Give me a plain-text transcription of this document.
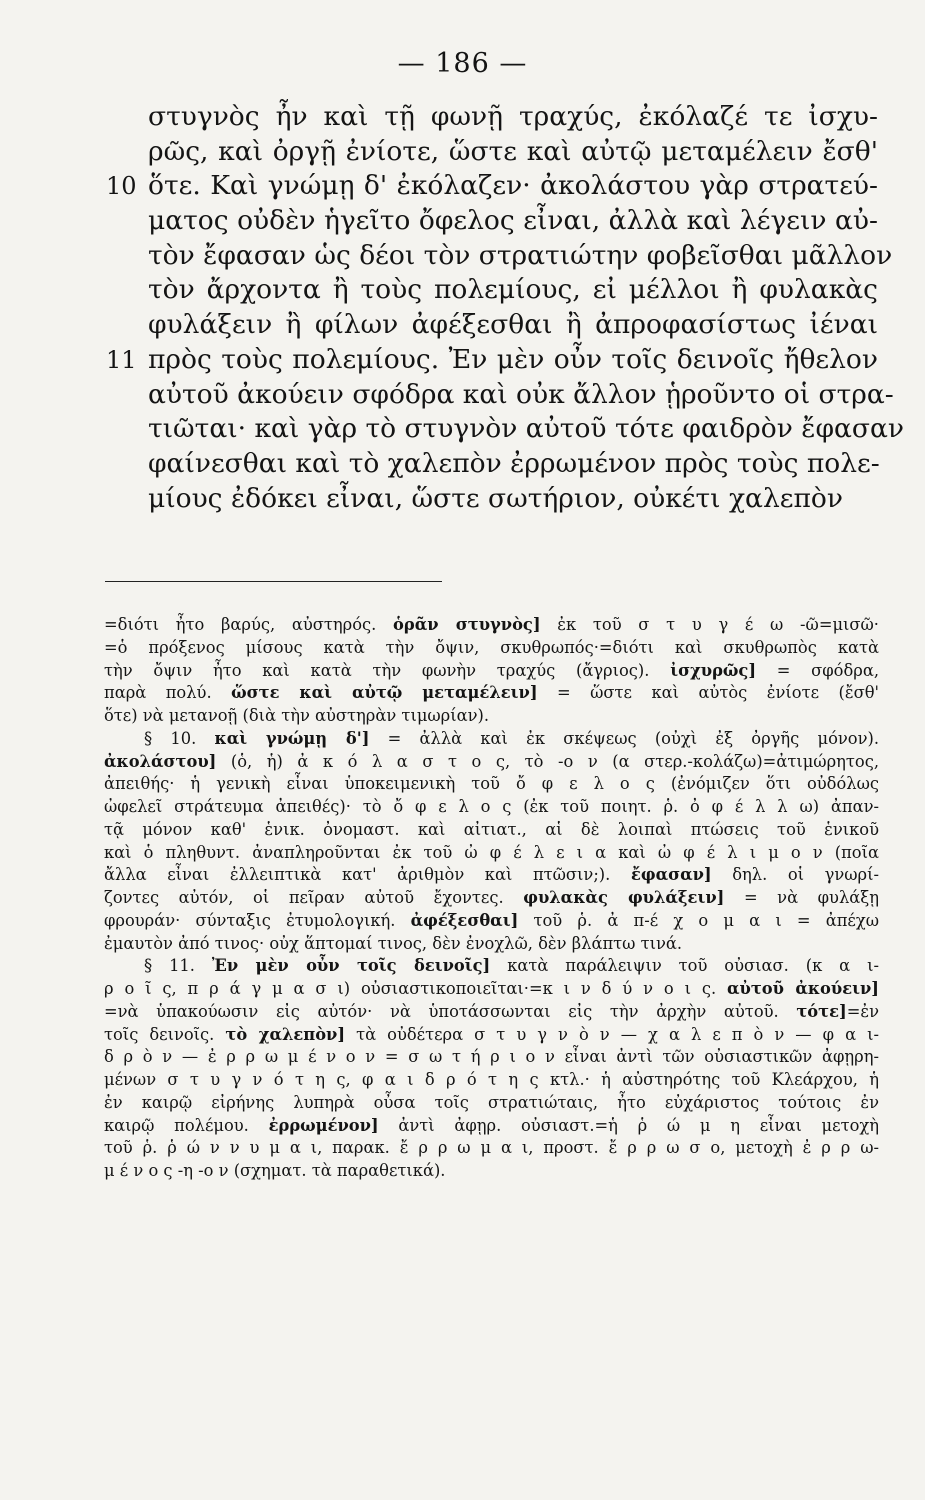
— 186 —
στυγνὸς ἦν καὶ τῇ φωνῇ τραχύς, ἐκόλαζέ τε ἰσχυ-
ρῶς, καὶ ὀργῇ ἐνίοτε, ὥστε καὶ αὐτῷ μεταμέλειν ἔσθ'
10 ὅτε. Καὶ γνώμῃ δ' ἐκόλαζεν· ἀκολάστου γὰρ στρατεύ-
ματος οὐδὲν ἡγεῖτο ὄφελος εἶναι, ἀλλὰ καὶ λέγειν αὐ-
τὸν ἔφασαν ὡς δέοι τὸν στρατιώτην φοβεῖσθαι μᾶλλον
τὸν ἄρχοντα ἢ τοὺς πολεμίους, εἰ μέλλοι ἢ φυλακὰς
φυλάξειν ἢ φίλων ἀφέξεσθαι ἢ ἀπροφασίστως ἰέναι
11 πρὸς τοὺς πολεμίους. Ἐν μὲν οὖν τοῖς δεινοῖς ἤθελον
αὐτοῦ ἀκούειν σφόδρα καὶ οὐκ ἄλλον ᾑροῦντο οἱ στρα-
τιῶται· καὶ γὰρ τὸ στυγνὸν αὐτοῦ τότε φαιδρὸν ἔφασαν
φαίνεσθαι καὶ τὸ χαλεπὸν ἐρρωμένον πρὸς τοὺς πολε-
μίους ἐδόκει εἶναι, ὥστε σωτήριον, οὐκέτι χαλεπὸν
=διότι ἦτο βαρύς, αὐστηρός. ὁρᾶν στυγνὸς] ἐκ τοῦ σ τ υ γ έ ω -ῶ=μισῶ·
=ὁ πρόξενος μίσους κατὰ τὴν ὄψιν, σκυθρωπός·=διότι καὶ σκυθρωπὸς κατὰ
τὴν ὄψιν ἦτο καὶ κατὰ τὴν φωνὴν τραχύς (ἄγριος). ἰσχυρῶς] = σφόδρα,
παρὰ πολύ. ὥστε καὶ αὐτῷ μεταμέλειν] = ὥστε καὶ αὐτὸς ἐνίοτε (ἔσθ'
ὅτε) νὰ μετανοῇ (διὰ τὴν αὐστηρὰν τιμωρίαν).
§ 10. καὶ γνώμῃ δ'] = ἀλλὰ καὶ ἐκ σκέψεως (οὐχὶ ἐξ ὀργῆς μόνον).
ἀκολάστου] (ὁ, ἡ) ἀ κ ό λ α σ τ ο ς, τὸ -ο ν (α στερ.-κολάζω)=ἀτιμώρητος,
ἀπειθής· ἡ γενικὴ εἶναι ὑποκειμενικὴ τοῦ ὄ φ ε λ ο ς (ἐνόμιζεν ὅτι οὐδόλως
ὠφελεῖ στράτευμα ἀπειθές)· τὸ ὄ φ ε λ ο ς (ἐκ τοῦ ποιητ. ῥ. ὀ φ έ λ λ ω) ἀπαν-
τᾷ μόνον καθ' ἑνικ. ὀνομαστ. καὶ αἰτιατ., αἱ δὲ λοιπαὶ πτώσεις τοῦ ἑνικοῦ
καὶ ὁ πληθυντ. ἀναπληροῦνται ἐκ τοῦ ὠ φ έ λ ε ι α καὶ ὠ φ έ λ ι μ ο ν (ποῖα
ἄλλα εἶναι ἐλλειπτικὰ κατ' ἀριθμὸν καὶ πτῶσιν;). ἔφασαν] δηλ. οἱ γνωρί-
ζοντες αὐτόν, οἱ πεῖραν αὐτοῦ ἔχοντες. φυλακὰς φυλάξειν] = νὰ φυλάξῃ
φρουράν· σύνταξις ἐτυμολογική. ἀφέξεσθαι] τοῦ ῥ. ἀ π-έ χ ο μ α ι = ἀπέχω
ἐμαυτὸν ἀπό τινος· οὐχ ἅπτομαί τινος, δὲν ἐνοχλῶ, δὲν βλάπτω τινά.
§ 11. Ἐν μὲν οὖν τοῖς δεινοῖς] κατὰ παράλειψιν τοῦ οὐσιασ. (κ α ι-
ρ ο ῖ ς, π ρ ά γ μ α σ ι) οὐσιαστικοποιεῖται·=κ ι ν δ ύ ν ο ι ς. αὐτοῦ ἀκούειν]
=νὰ ὑπακούωσιν εἰς αὐτόν· νὰ ὑποτάσσωνται εἰς τὴν ἀρχὴν αὐτοῦ. τότε]=ἐν
τοῖς δεινοῖς. τὸ χαλεπὸν] τὰ οὐδέτερα σ τ υ γ ν ὸ ν — χ α λ ε π ὸ ν — φ α ι-
δ ρ ὸ ν — ἐ ρ ρ ω μ έ ν ο ν = σ ω τ ή ρ ι ο ν εἶναι ἀντὶ τῶν οὐσιαστικῶν ἀφῃρη-
μένων σ τ υ γ ν ό τ η ς, φ α ι δ ρ ό τ η ς κτλ.· ἡ αὐστηρότης τοῦ Κλεάρχου, ἡ
ἐν καιρῷ εἰρήνης λυπηρὰ οὖσα τοῖς στρατιώταις, ἦτο εὐχάριστος τούτοις ἐν
καιρῷ πολέμου. ἐρρωμένον] ἀντὶ ἀφῃρ. οὐσιαστ.=ἡ ῥ ώ μ η εἶναι μετοχὴ
τοῦ ῥ. ῥ ώ ν ν υ μ α ι, παρακ. ἔ ρ ρ ω μ α ι, προστ. ἔ ρ ρ ω σ ο, μετοχὴ ἐ ρ ρ ω-
μ έ ν ο ς -η -ο ν (σχηματ. τὰ παραθετικά).
